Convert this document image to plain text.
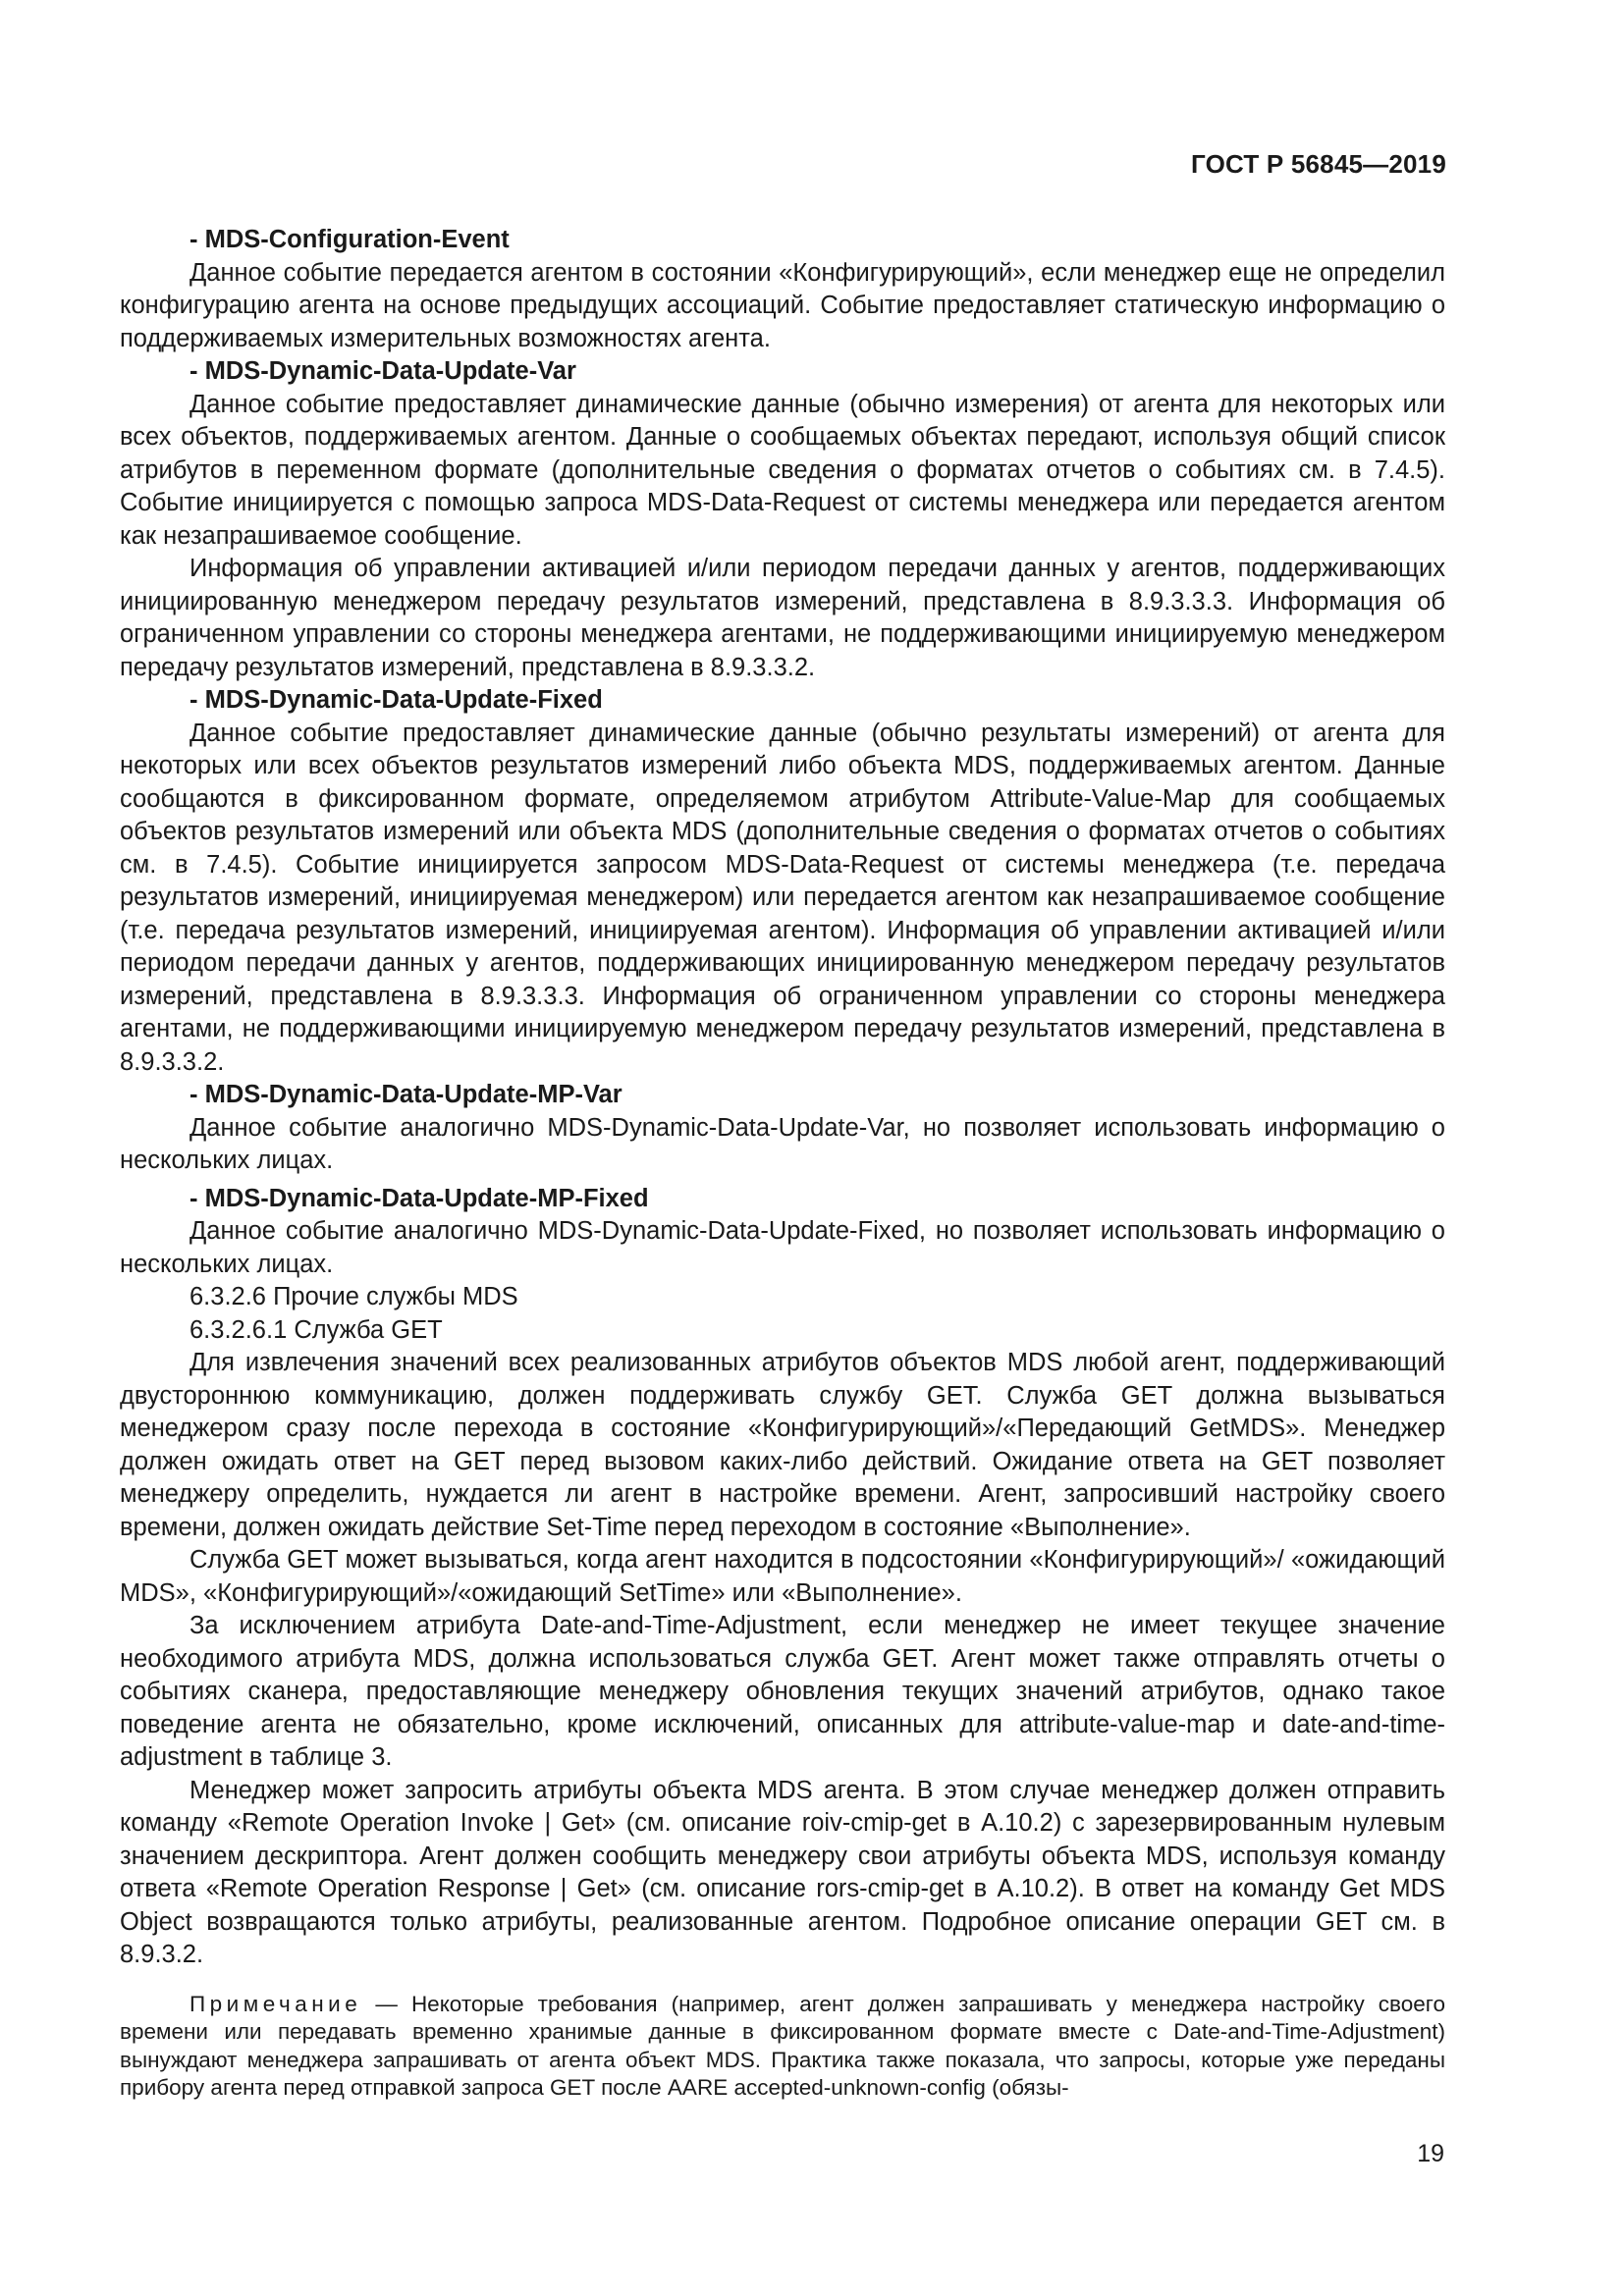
ГОСТ Р 56845—2019

- MDS-Configuration-Event

Данное событие передается агентом в состоянии «Конфигурирующий», если менеджер еще не определил конфигурацию агента на основе предыдущих ассоциаций. Событие предоставляет статическую информацию о поддерживаемых измерительных возможностях агента.

- MDS-Dynamic-Data-Update-Var

Данное событие предоставляет динамические данные (обычно измерения) от агента для некоторых или всех объектов, поддерживаемых агентом. Данные о сообщаемых объектах передают, используя общий список атрибутов в переменном формате (дополнительные сведения о форматах отчетов о событиях см. в 7.4.5). Событие инициируется с помощью запроса MDS-Data-Request от системы менеджера или передается агентом как незапрашиваемое сообщение.

Информация об управлении активацией и/или периодом передачи данных у агентов, поддерживающих инициированную менеджером передачу результатов измерений, представлена в 8.9.3.3.3. Информация об ограниченном управлении со стороны менеджера агентами, не поддерживающими инициируемую менеджером передачу результатов измерений, представлена в 8.9.3.3.2.

- MDS-Dynamic-Data-Update-Fixed

Данное событие предоставляет динамические данные (обычно результаты измерений) от агента для некоторых или всех объектов результатов измерений либо объекта MDS, поддерживаемых агентом. Данные сообщаются в фиксированном формате, определяемом атрибутом Attribute-Value-Map для сообщаемых объектов результатов измерений или объекта MDS (дополнительные сведения о форматах отчетов о событиях см. в 7.4.5). Событие инициируется запросом MDS-Data-Request от системы менеджера (т.е. передача результатов измерений, инициируемая менеджером) или передается агентом как незапрашиваемое сообщение (т.е. передача результатов измерений, инициируемая агентом). Информация об управлении активацией и/или периодом передачи данных у агентов, поддерживающих инициированную менеджером передачу результатов измерений, представлена в 8.9.3.3.3. Информация об ограниченном управлении со стороны менеджера агентами, не поддерживающими инициируемую менеджером передачу результатов измерений, представлена в 8.9.3.3.2.

- MDS-Dynamic-Data-Update-MP-Var

Данное событие аналогично MDS-Dynamic-Data-Update-Var, но позволяет использовать информацию о нескольких лицах.

- MDS-Dynamic-Data-Update-MP-Fixed

Данное событие аналогично MDS-Dynamic-Data-Update-Fixed, но позволяет использовать информацию о нескольких лицах.

6.3.2.6 Прочие службы MDS

6.3.2.6.1 Служба GET

Для извлечения значений всех реализованных атрибутов объектов MDS любой агент, поддерживающий двустороннюю коммуникацию, должен поддерживать службу GET. Служба GET должна вызываться менеджером сразу после перехода в состояние «Конфигурирующий»/«Передающий GetMDS». Менеджер должен ожидать ответ на GET перед вызовом каких-либо действий. Ожидание ответа на GET позволяет менеджеру определить, нуждается ли агент в настройке времени. Агент, запросивший настройку своего времени, должен ожидать действие Set-Time перед переходом в состояние «Выполнение».

Служба GET может вызываться, когда агент находится в подсостоянии «Конфигурирующий»/ «ожидающий MDS», «Конфигурирующий»/«ожидающий SetTime» или «Выполнение».

За исключением атрибута Date-and-Time-Adjustment, если менеджер не имеет текущее значение необходимого атрибута MDS, должна использоваться служба GET. Агент может также отправлять отчеты о событиях сканера, предоставляющие менеджеру обновления текущих значений атрибутов, однако такое поведение агента не обязательно, кроме исключений, описанных для attribute-value-map и date-and-time-adjustment в таблице 3.

Менеджер может запросить атрибуты объекта MDS агента. В этом случае менеджер должен отправить команду «Remote Operation Invoke | Get» (см. описание roiv-cmip-get в А.10.2) с зарезервированным нулевым значением дескриптора. Агент должен сообщить менеджеру свои атрибуты объекта MDS, используя команду ответа «Remote Operation Response | Get» (см. описание rors-cmip-get в А.10.2). В ответ на команду Get MDS Object возвращаются только атрибуты, реализованные агентом. Подробное описание операции GET см. в 8.9.3.2.

Примечание — Некоторые требования (например, агент должен запрашивать у менеджера настройку своего времени или передавать временно хранимые данные в фиксированном формате вместе с Date-and-Time-Adjustment) вынуждают менеджера запрашивать от агента объект MDS. Практика также показала, что запросы, которые уже переданы прибору агента перед отправкой запроса GET после AARE accepted-unknown-config (обязы-

19
